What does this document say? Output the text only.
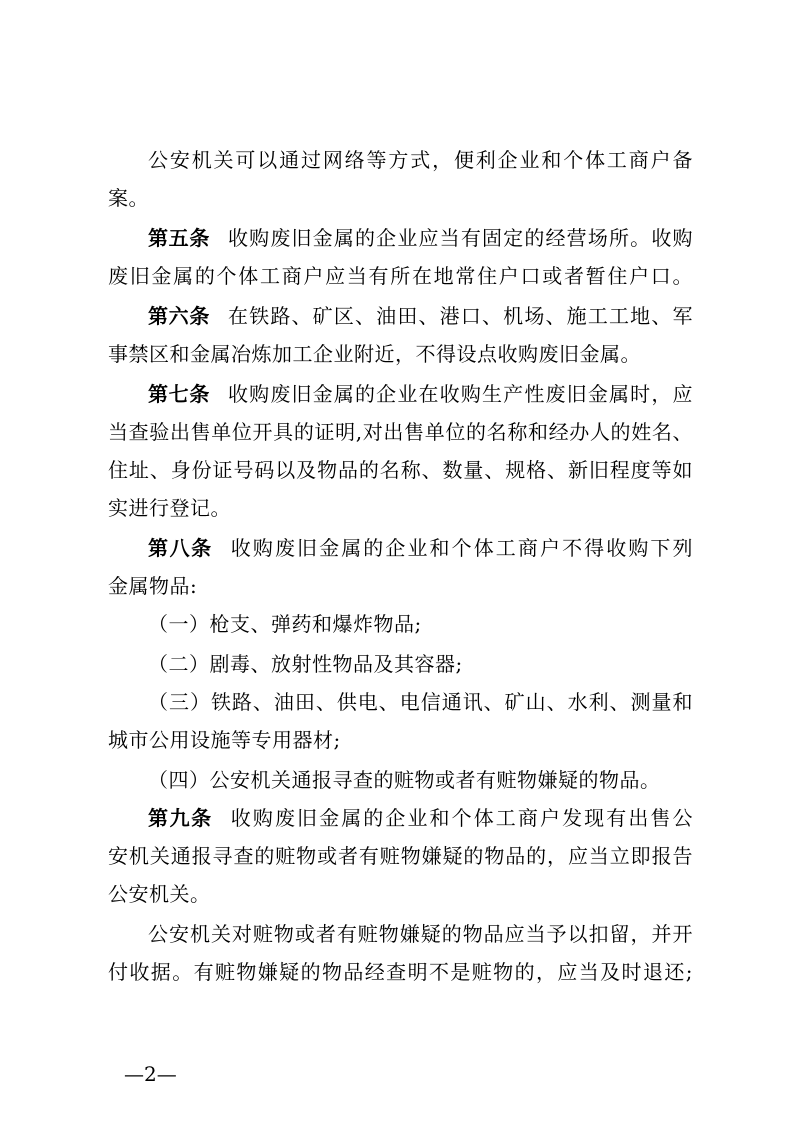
公安机关可以通过网络等方式，便利企业和个体工商户备
案。
第五条 收购废旧金属的企业应当有固定的经营场所。收购
废旧金属的个体工商户应当有所在地常住户口或者暂住户口。
第六条 在铁路、矿区、油田、港口、机场、施工工地、军
事禁区和金属冶炼加工企业附近，不得设点收购废旧金属。
第七条 收购废旧金属的企业在收购生产性废旧金属时，应
当查验出售单位开具的证明,对出售单位的名称和经办人的姓名、
住址、身份证号码以及物品的名称、数量、规格、新旧程度等如
实进行登记。
第八条 收购废旧金属的企业和个体工商户不得收购下列
金属物品:
（一）枪支、弹药和爆炸物品;
（二）剧毒、放射性物品及其容器;
（三）铁路、油田、供电、电信通讯、矿山、水利、测量和
城市公用设施等专用器材;
（四）公安机关通报寻查的赃物或者有赃物嫌疑的物品。
第九条 收购废旧金属的企业和个体工商户发现有出售公
安机关通报寻查的赃物或者有赃物嫌疑的物品的，应当立即报告
公安机关。
公安机关对赃物或者有赃物嫌疑的物品应当予以扣留，并开
付收据。有赃物嫌疑的物品经查明不是赃物的，应当及时退还;
—2—
